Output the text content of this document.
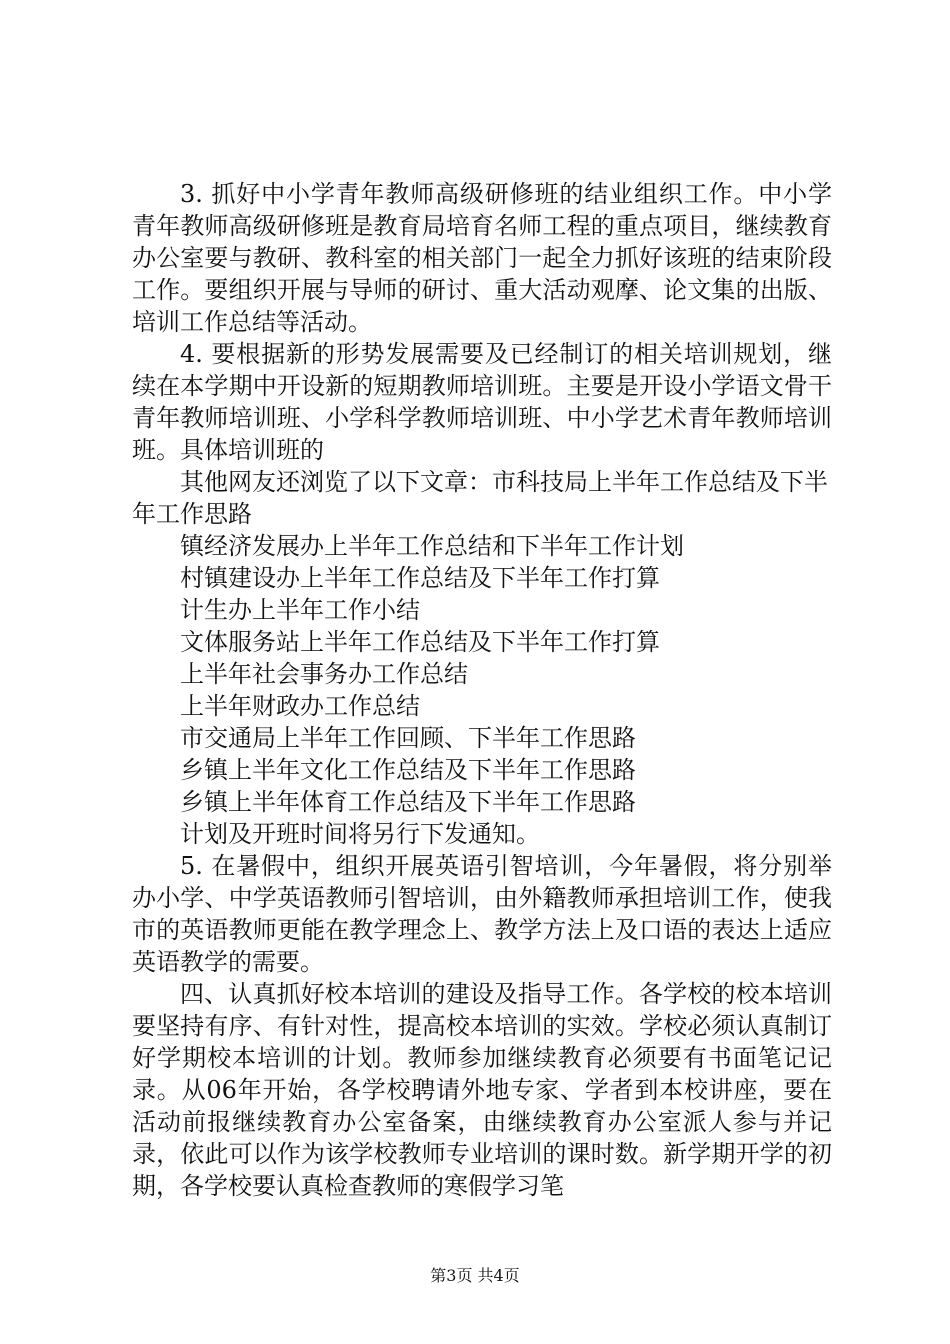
3. 抓好中小学青年教师高级研修班的结业组织工作。中小学青年教师高级研修班是教育局培育名师工程的重点项目，继续教育办公室要与教研、教科室的相关部门一起全力抓好该班的结束阶段工作。要组织开展与导师的研讨、重大活动观摩、论文集的出版、培训工作总结等活动。

4. 要根据新的形势发展需要及已经制订的相关培训规划，继续在本学期中开设新的短期教师培训班。主要是开设小学语文骨干青年教师培训班、小学科学教师培训班、中小学艺术青年教师培训班。具体培训班的

其他网友还浏览了以下文章：市科技局上半年工作总结及下半年工作思路

镇经济发展办上半年工作总结和下半年工作计划
村镇建设办上半年工作总结及下半年工作打算
计生办上半年工作小结
文体服务站上半年工作总结及下半年工作打算
上半年社会事务办工作总结
上半年财政办工作总结
市交通局上半年工作回顾、下半年工作思路
乡镇上半年文化工作总结及下半年工作思路
乡镇上半年体育工作总结及下半年工作思路

计划及开班时间将另行下发通知。

5. 在暑假中，组织开展英语引智培训，今年暑假，将分别举办小学、中学英语教师引智培训，由外籍教师承担培训工作，使我市的英语教师更能在教学理念上、教学方法上及口语的表达上适应英语教学的需要。

四、认真抓好校本培训的建设及指导工作。各学校的校本培训要坚持有序、有针对性，提高校本培训的实效。学校必须认真制订好学期校本培训的计划。教师参加继续教育必须要有书面笔记记录。从06年开始，各学校聘请外地专家、学者到本校讲座，要在活动前报继续教育办公室备案，由继续教育办公室派人参与并记录，依此可以作为该学校教师专业培训的课时数。新学期开学的初期，各学校要认真检查教师的寒假学习笔

第3页 共4页
